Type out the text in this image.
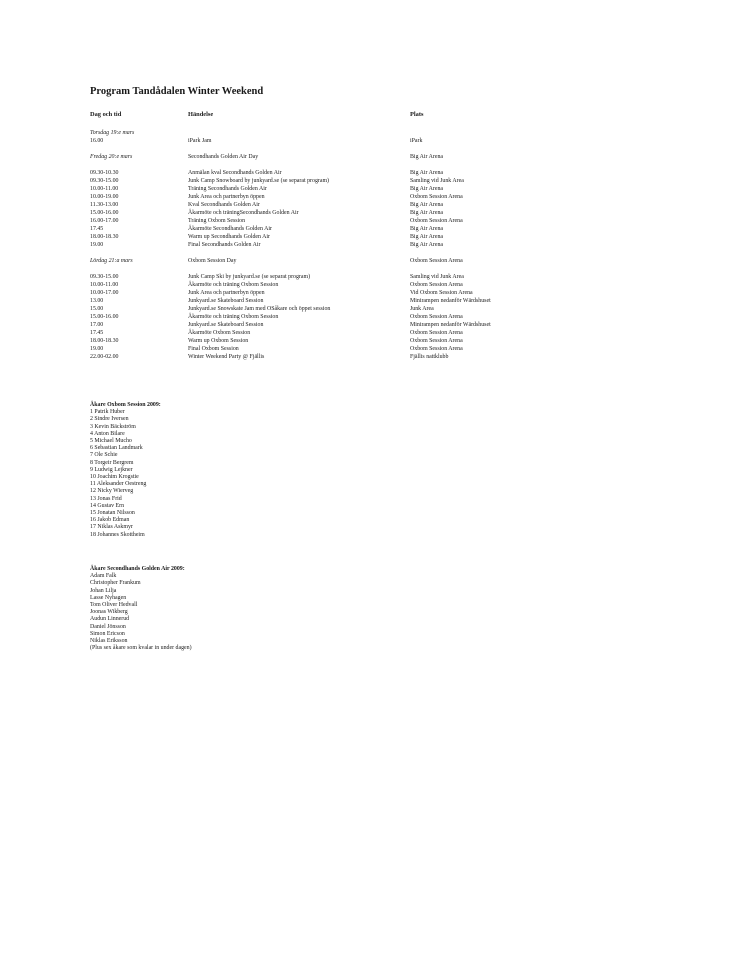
Program Tandådalen Winter Weekend
Dag och tid	Händelse	Plats
Torsdag 19:e mars
16.00	iPark Jam	iPark
Fredag 20:e mars	Secondhands Golden Air Day	Big Air Arena
09.30-10.30	Anmälan kval Secondhands Golden Air	Big Air Arena
09.30-15.00	Junk Camp Snowboard by junkyard.se (se separat program)	Samling vid Junk Area
10.00-11.00	Träning Secondhands Golden Air	Big Air Arena
10.00-19.00	Junk Area och partnerbyn öppen	Oxbom Session Arena
11.30-13.00	Kval Secondhands Golden Air	Big Air Arena
15.00-16.00	Åkarmöte och träningSecondhands Golden Air	Big Air Arena
16.00-17.00	Träning Oxbom Session	Oxbom Session Arena
17.45	Åkarmöte Secondhands Golden Air	Big Air Arena
18.00-18.30	Warm up Secondhands Golden Air	Big Air Arena
19.00	Final Secondhands Golden Air	Big Air Arena
Lördag 21:a mars	Oxbom Session Day	Oxbom Session Arena
09.30-15.00	Junk Camp Ski by junkyard.se (se separat program)	Samling vid Junk Area
10.00-11.00	Åkarmöte och träning Oxbom Session	Oxbom Session Arena
10.00-17.00	Junk Area och partnerbyn öppen	Vid Oxbom Session Arena
13.00	Junkyard.se Skateboard Session	Minirampen nedanför Wärdshuset
15.00	Junkyard.se Snowskate Jam med OSåkare och öppet session	Junk Area
15.00-16.00	Åkarmöte och träning Oxbom Session	Oxbom Session Arena
17.00	Junkyard.se Skateboard Session	Minirampen nedanför Wärdshuset
17.45	Åkarmöte Oxbom Session	Oxbom Session Arena
18.00-18.30	Warm up Oxbom Session	Oxbom Session Arena
19.00	Final Oxbom Session	Oxbom Session Arena
22.00-02.00	Winter Weekend Party @ Fjällis	Fjällis nattklubb
Åkare Oxbom Session 2009:
1 Patrik Huber
2 Sindre Iversen
3 Kevin Bäckström
4 Anton Bilare
5 Michael Mucho
6 Sebastian Landmark
7 Ole Schie
8 Torgeir Bergrem
9 Ludwig Lejkner
10 Joachim Krogstie
11 Aleksander Oestreng
12 Nicky Wierveg
13 Jonas Frid
14 Gustav Ern
15 Jonatan Nilsson
16 Jakob Edman
17 Niklas Askmyr
18 Johannes Skottheim
Åkare Secondhands Golden Air 2009:
Adam Falk
Christopher Frankum
Johan Lilja
Lasse Nyhagen
Tom Oliver Hedvall
Joonas Wikberg
Audun Linnerud
Daniel Jönsson
Simon Ericson
Niklas Eriksson
(Plus sex åkare som kvalar in under dagen)
